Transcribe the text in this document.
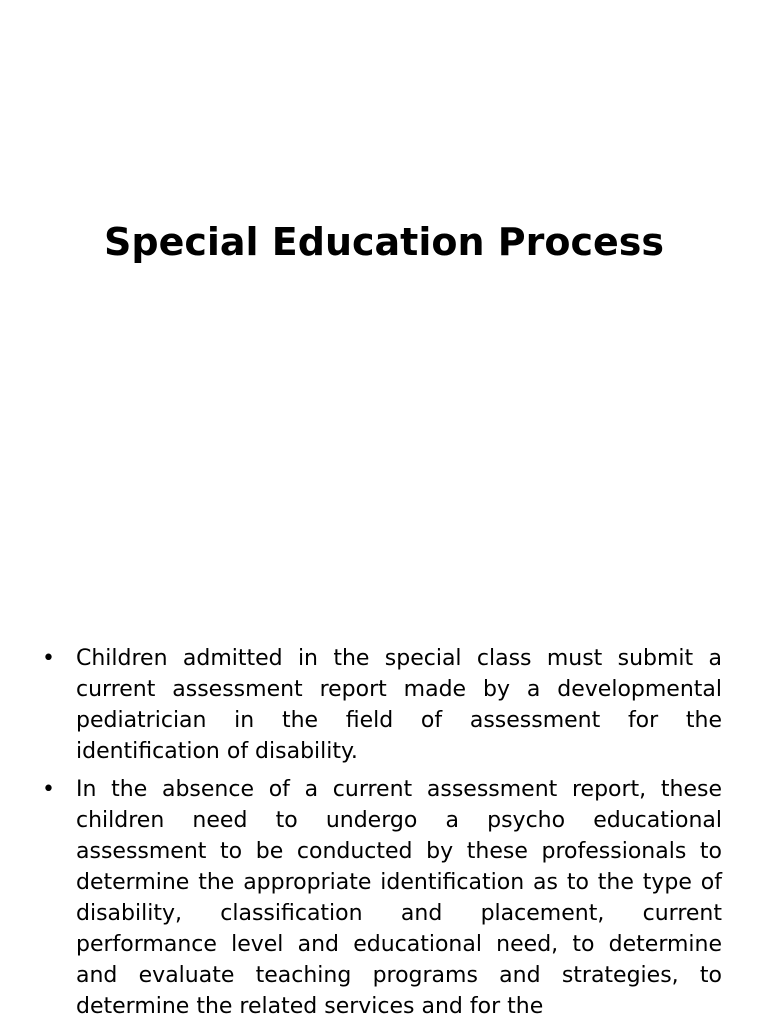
Special Education Process
• Children admitted in the special class must submit a current assessment report made by a developmental pediatrician in the field of assessment for the identification of disability.
• In the absence of a current assessment report, these children need to undergo a psycho educational assessment to be conducted by these professionals to determine the appropriate identification as to the type of disability, classification and placement, current performance level and educational need, to determine and evaluate teaching programs and strategies, to determine the related services and for the
